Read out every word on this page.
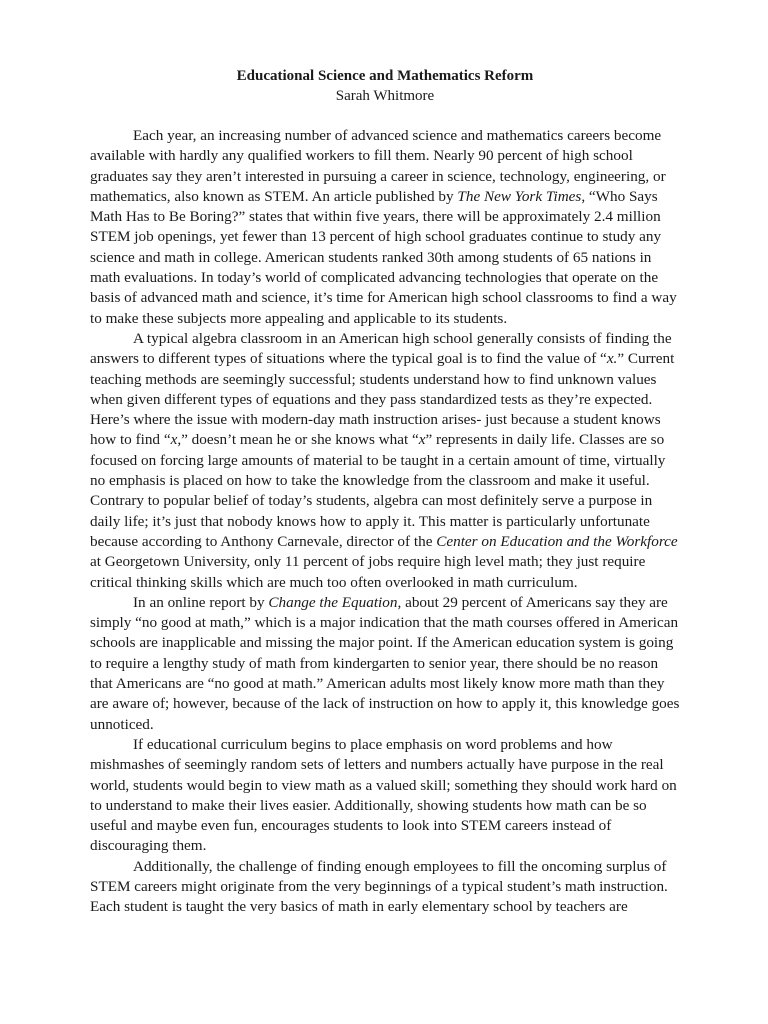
Educational Science and Mathematics Reform

Sarah Whitmore

Each year, an increasing number of advanced science and mathematics careers become available with hardly any qualified workers to fill them. Nearly 90 percent of high school graduates say they aren’t interested in pursuing a career in science, technology, engineering, or mathematics, also known as STEM. An article published by The New York Times, “Who Says Math Has to Be Boring?” states that within five years, there will be approximately 2.4 million STEM job openings, yet fewer than 13 percent of high school graduates continue to study any science and math in college. American students ranked 30th among students of 65 nations in math evaluations. In today’s world of complicated advancing technologies that operate on the basis of advanced math and science, it’s time for American high school classrooms to find a way to make these subjects more appealing and applicable to its students.

A typical algebra classroom in an American high school generally consists of finding the answers to different types of situations where the typical goal is to find the value of “x.” Current teaching methods are seemingly successful; students understand how to find unknown values when given different types of equations and they pass standardized tests as they’re expected. Here’s where the issue with modern-day math instruction arises- just because a student knows how to find “x,” doesn’t mean he or she knows what “x” represents in daily life. Classes are so focused on forcing large amounts of material to be taught in a certain amount of time, virtually no emphasis is placed on how to take the knowledge from the classroom and make it useful. Contrary to popular belief of today’s students, algebra can most definitely serve a purpose in daily life; it’s just that nobody knows how to apply it. This matter is particularly unfortunate because according to Anthony Carnevale, director of the Center on Education and the Workforce at Georgetown University, only 11 percent of jobs require high level math; they just require critical thinking skills which are much too often overlooked in math curriculum.

In an online report by Change the Equation, about 29 percent of Americans say they are simply “no good at math,” which is a major indication that the math courses offered in American schools are inapplicable and missing the major point. If the American education system is going to require a lengthy study of math from kindergarten to senior year, there should be no reason that Americans are “no good at math.” American adults most likely know more math than they are aware of; however, because of the lack of instruction on how to apply it, this knowledge goes unnoticed.

If educational curriculum begins to place emphasis on word problems and how mishmashes of seemingly random sets of letters and numbers actually have purpose in the real world, students would begin to view math as a valued skill; something they should work hard on to understand to make their lives easier. Additionally, showing students how math can be so useful and maybe even fun, encourages students to look into STEM careers instead of discouraging them.

Additionally, the challenge of finding enough employees to fill the oncoming surplus of STEM careers might originate from the very beginnings of a typical student’s math instruction. Each student is taught the very basics of math in early elementary school by teachers are
